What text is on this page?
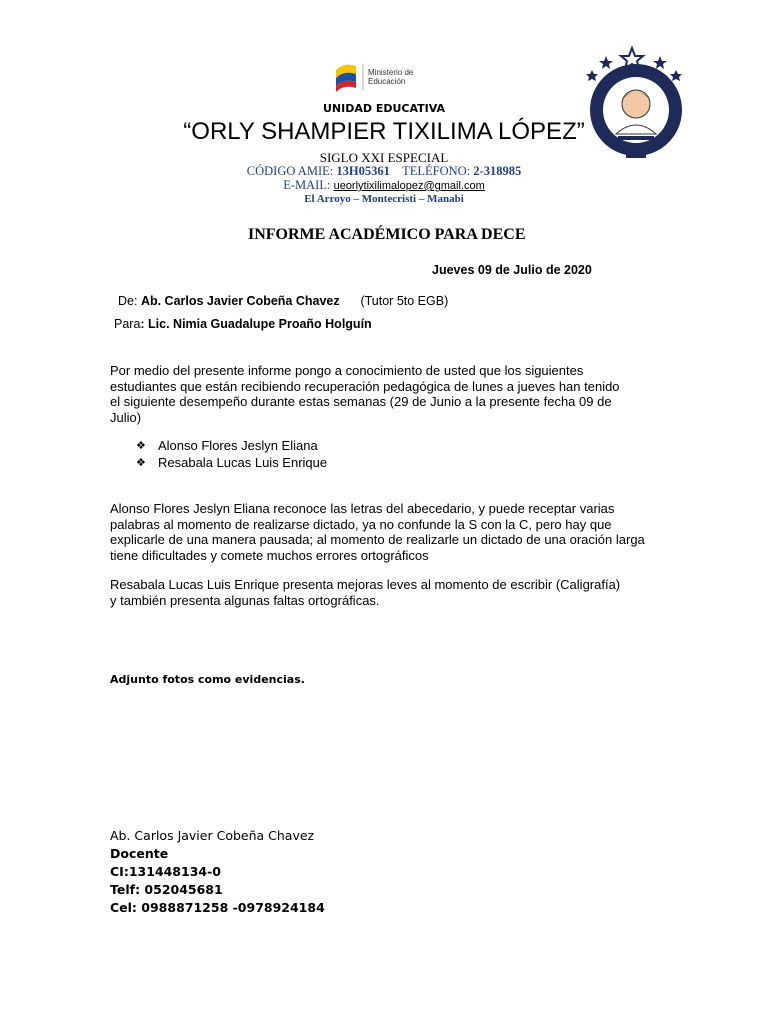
Ministerio de Educación
UNIDAD EDUCATIVA
“ORLY SHAMPIER TIXILIMA LÓPEZ”
SIGLO XXI ESPECIAL
CÓDIGO AMIE: 13H05361 TELÉFONO: 2-318985
E-MAIL: ueorlytixilimalopez@gmail.com
El Arroyo – Montecristi – Manabi
INFORME ACADÉMICO PARA DECE
Jueves 09 de Julio de 2020
De: Ab. Carlos Javier Cobeña Chavez (Tutor 5to EGB)
Para: Lic. Nimia Guadalupe Proaño Holguín
Por medio del presente informe pongo a conocimiento de usted que los siguientes estudiantes que están recibiendo recuperación pedagógica de lunes a jueves han tenido el siguiente desempeño durante estas semanas (29 de Junio a la presente fecha 09 de Julio)
❖ Alonso Flores Jeslyn Eliana
❖ Resabala Lucas Luis Enrique
Alonso Flores Jeslyn Eliana reconoce las letras del abecedario, y puede receptar varias palabras al momento de realizarse dictado, ya no confunde la S con la C, pero hay que explicarle de una manera pausada; al momento de realizarle un dictado de una oración larga tiene dificultades y comete muchos errores ortográficos
Resabala Lucas Luis Enrique presenta mejoras leves al momento de escribir (Caligrafía) y también presenta algunas faltas ortográficas.
Adjunto fotos como evidencias.
Ab. Carlos Javier Cobeña Chavez
Docente
CI:131448134-0
Telf: 052045681
Cel: 0988871258 -0978924184
